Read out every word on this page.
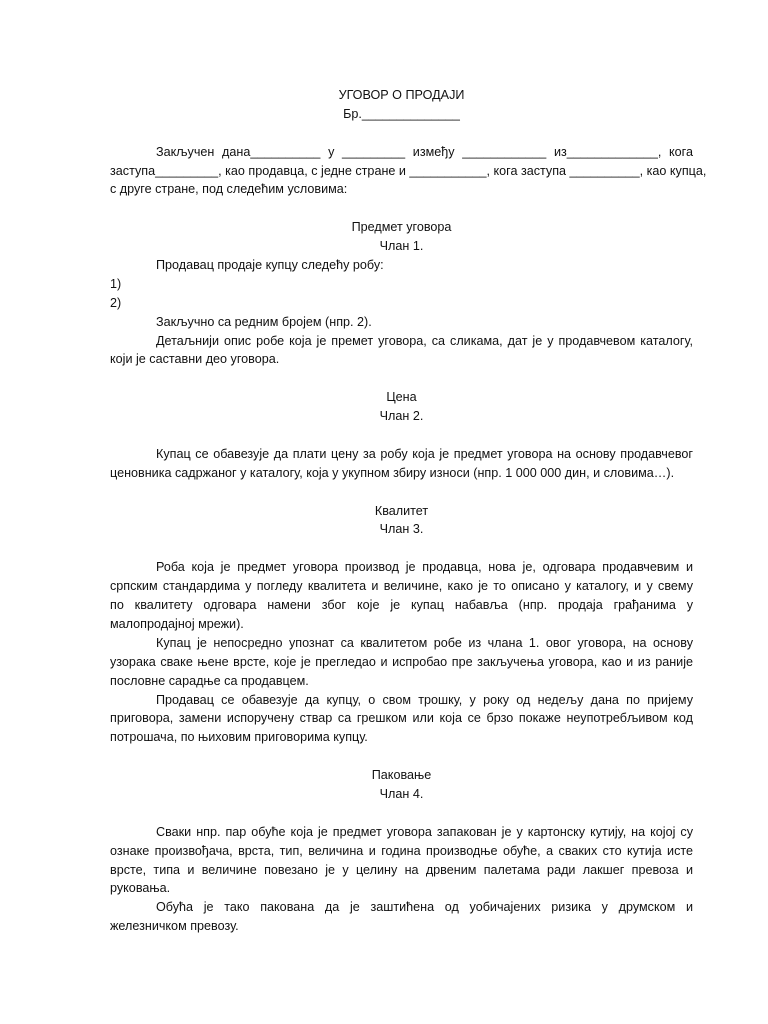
УГОВОР О ПРОДАЈИ
Бр.______________
Закључен дана__________ у _________ између ____________ из_____________, кога
заступа_________, као продавца, с једне стране и ___________, кога заступа __________, као купца,
с друге стране, под следећим условима:
Предмет уговора
Члан 1.
Продавац продаје купцу следећу робу:
1)
2)
Закључно са редним бројем (нпр. 2).
Детаљнији опис робе која је премет уговора, са сликама, дат је у продавчевом каталогу,
који је саставни део уговора.
Цена
Члан 2.
Купац се обавезује да плати цену за робу која је предмет уговора на основу продавчевог
ценовника садржаног у каталогу, која у укупном збиру износи (нпр. 1 000 000 дин, и словима…).
Квалитет
Члан 3.
Роба која је предмет уговора производ је продавца, нова је, одговара продавчевим и
српским стандардима у погледу квалитета и величине, како је то описано у каталогу, и у свему
по квалитету одговара намени због које је купац набавља (нпр. продаја грађанима у
малопродајној мрежи).
Купац је непосредно упознат са квалитетом робе из члана 1. овог уговора, на основу
узорака сваке њене врсте, које је прегледао и испробао пре закључења уговора, као и из раније
пословне сарадње са продавцем.
Продавац се обавезује да купцу, о свом трошку, у року од недељу дана по пријему
приговора, замени испоручену ствар са грешком или која се брзо покаже неупотребљивом код
потрошача, по њиховим приговорима купцу.
Паковање
Члан 4.
Сваки нпр. пар обуће која је предмет уговора запакован је у картонску кутију, на којој су
ознаке произвођача, врста, тип, величина и година производње обуће, а сваких сто кутија исте
врсте, типа и величине повезано је у целину на дрвеним палетама ради лакшег превоза и
руковања.
Обућа је тако пакована да је заштићена од уобичајених ризика у друмском и
железничком превозу.
